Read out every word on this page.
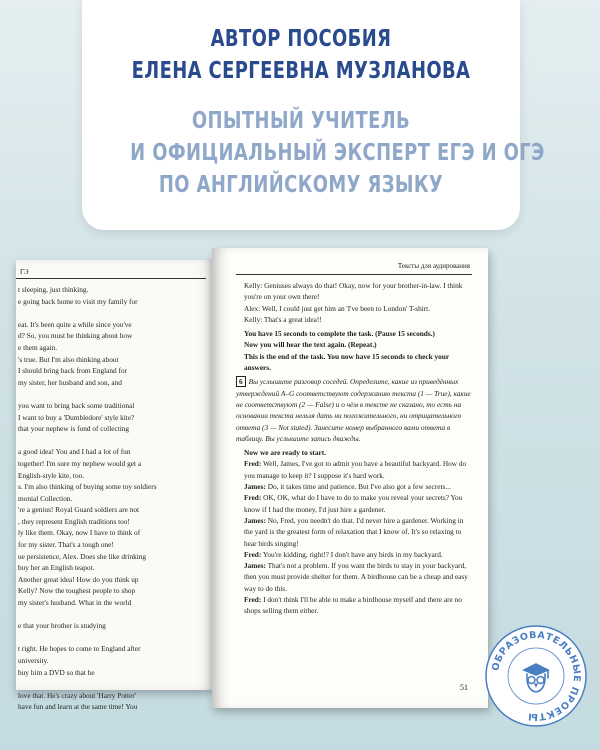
АВТОР ПОСОБИЯ
ЕЛЕНА СЕРГЕЕВНА МУЗЛАНОВА
ОПЫТНЫЙ УЧИТЕЛЬ
И ОФИЦИАЛЬНЫЙ ЭКСПЕРТ ЕГЭ И ОГЭ
ПО АНГЛИЙСКОМУ ЯЗЫКУ
ГЭ
t sleeping, just thinking.
e going back home to visit my family for

eat. It's been quite a while since you've
d? So, you must be thinking about how
e them again.
's true. But I'm also thinking about
I should bring back from England for
my sister, her husband and son, and

you want to bring back some traditional
I want to buy a 'Dumbledore' style kite?
that your nephew is fond of collecting

a good idea! You and I had a lot of fun
together! I'm sure my nephew would get a
English-style kite, too.
s. I'm also thinking of buying some toy soldiers
monial Collection.
're a genius! Royal Guard soldiers are not
, they represent English traditions too!
ly like them. Okay, now I have to think of
for my sister. That's a tough one!
ue persistence, Alex. Does she like drinking
buy her an English teapot.
Another great idea! How do you think up
Kelly? Now the toughest people to shop
my sister's husband. What in the world

e that your brother is studying

t right. He hopes to come to England after
university.
buy him a DVD so that he

love that. He's crazy about 'Harry Potter'
have fun and learn at the same time! You
Тексты для аудирования

Kelly: Geniuses always do that! Okay, now for your brother-in-law. I think you're on your own there!

Alex: Well, I could just get him an 'I've been to London' T-shirt.

Kelly: That's a great idea!!

You have 15 seconds to complete the task. (Pause 15 seconds.)

Now you will hear the text again. (Repeat.)

This is the end of the task. You now have 15 seconds to check your answers.

6 Вы услышите разговор соседей. Определите, какие из приведённых утверждений A–G соответствуют содержанию текста (1 — True), какие не соответствуют (2 — False) и о чём в тексте не сказано, то есть на основании текста нельзя дать ни положительного, ни отрицательного ответа (3 — Not stated). Занесите номер выбранного вами ответа в таблицу. Вы услышите запись дважды.

Now we are ready to start.

Fred: Well, James, I've got to admit you have a beautiful backyard. How do you manage to keep it? I suppose it's hard work.

James: Do, it takes time and patience. But I've also got a few secrets...

Fred: OK, OK, what do I have to do to make you reveal your secrets? You know if I had the money, I'd just hire a gardener.

James: No, Fred, you needn't do that. I'd never hire a gardener. Working in the yard is the greatest form of relaxation that I know of. It's so relaxing to hear birds singing!

Fred: You're kidding, right!? I don't have any birds in my backyard.

James: That's not a problem. If you want the birds to stay in your backyard, then you must provide shelter for them. A birdhouse can be a cheap and easy way to do this.

Fred: I don't think I'll be able to make a birdhouse myself and there are no shops selling them either.

51
ОБРАЗОВАТЕЛЬНЫЕ ПРОЕКТЫ
